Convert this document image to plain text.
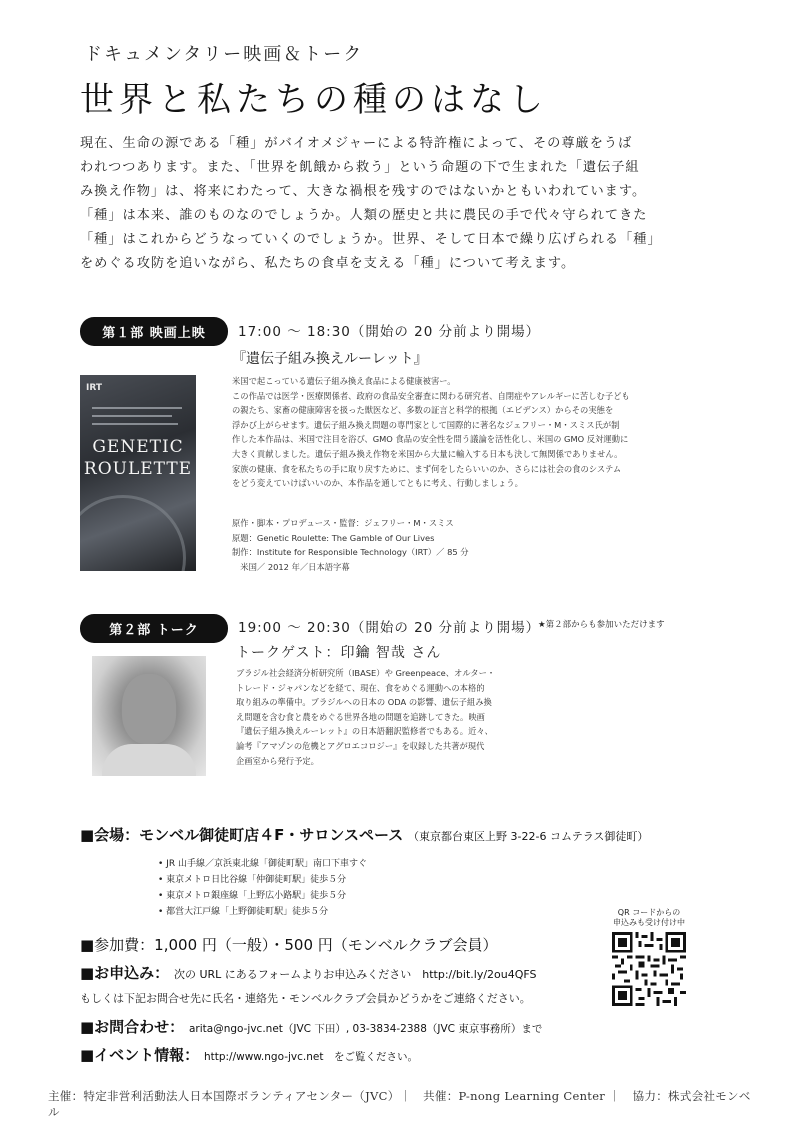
ドキュメンタリー映画＆トーク
世界と私たちの種のはなし

現在、生命の源である「種」がバイオメジャーによる特許権によって、その尊厳をうば

われつつあります。また、「世界を飢餓から救う」という命題の下で生まれた「遺伝子組

み換え作物」は、将来にわたって、大きな禍根を残すのではないかともいわれています。

「種」は本来、誰のものなのでしょうか。人類の歴史と共に農民の手で代々守られてきた

「種」はこれからどうなっていくのでしょうか。世界、そして日本で繰り広げられる「種」

をめぐる攻防を追いながら、私たちの食卓を支える「種」について考えます。

第１部 映画上映	17:00 〜 18:30（開始の 20 分前より開場）
『遺伝子組み換えルーレット』
IRT
GENETIC
ROULETTE

米国で起こっている遺伝子組み換え食品による健康被害ー。

この作品では医学・医療関係者、政府の食品安全審査に関わる研究者、自閉症やアレルギーに苦しむ子ども

の親たち、家畜の健康障害を扱った獣医など、多数の証言と科学的根拠（エビデンス）からその実態を

浮かび上がらせます。遺伝子組み換え問題の専門家として国際的に著名なジェフリー・M・スミス氏が制

作した本作品は、米国で注目を浴び、GMO 食品の安全性を問う議論を活性化し、米国の GMO 反対運動に

大きく貢献しました。遺伝子組み換え作物を米国から大量に輸入する日本も決して無関係でありません。

家族の健康、食を私たちの手に取り戻すために、まず何をしたらいいのか、さらには社会の食のシステム

をどう変えていけばいいのか、本作品を通してともに考え、行動しましょう。

原作・脚本・プロデュース・監督：ジェフリー・M・スミス

原題：Genetic Roulette: The Gamble of Our Lives

制作：Institute for Responsible Technology（IRT）／ 85 分

　米国／ 2012 年／日本語字幕

第２部 トーク	19:00 〜 20:30（開始の 20 分前より開場）
★第２部からも参加いただけます
トークゲスト：印鑰 智哉 さん

ブラジル社会経済分析研究所（IBASE）や Greenpeace、オルター・

トレード・ジャパンなどを経て、現在、食をめぐる運動への本格的

取り組みの準備中。ブラジルへの日本の ODA の影響、遺伝子組み換

え問題を含む食と農をめぐる世界各地の問題を追跡してきた。映画

『遺伝子組み換えルーレット』の日本語翻訳監修者でもある。近々、

論考『アマゾンの危機とアグロエコロジー』を収録した共著が現代

企画室から発行予定。

■会場：モンベル御徒町店４F・サロンスペース （東京都台東区上野 3-22-6 コムテラス御徒町）
• JR 山手線／京浜東北線「御徒町駅」南口下車すぐ
• 東京メトロ日比谷線「仲御徒町駅」徒歩５分
• 東京メトロ銀座線「上野広小路駅」徒歩５分
• 都営大江戸線「上野御徒町駅」徒歩５分
■参加費：1,000 円（一般）・500 円（モンベルクラブ会員）
■お申込み： 次の URL にあるフォームよりお申込みください　http://bit.ly/2ou4QFS
もしくは下記お問合せ先に氏名・連絡先・モンベルクラブ会員かどうかをご連絡ください。
■お問合わせ： arita@ngo-jvc.net（JVC 下田）, 03-3834-2388（JVC 東京事務所）まで
■イベント情報： http://www.ngo-jvc.net　をご覧ください。
QR コードからの
申込みも受け付け中
主催：特定非営利活動法人日本国際ボランティアセンター（JVC）｜　共催：P-nong Learning Center ｜　協力：株式会社モンベル
